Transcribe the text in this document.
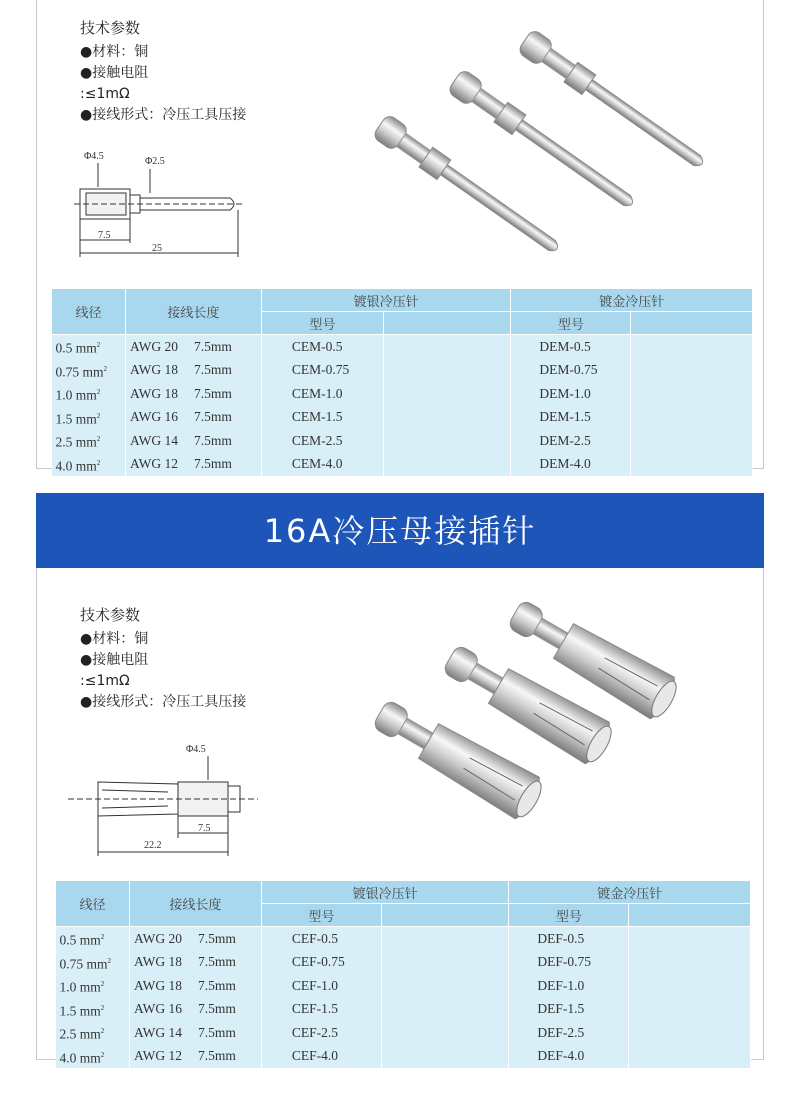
技术参数
●材料：铜
●接触电阻
:≤1mΩ
●接线形式：冷压工具压接
Φ4.5	Φ2.5
7.5
25
线径	接线长度	镀银冷压针		镀金冷压针	
		型号		型号	
0.5 $mm^2$	AWG 20 7.5mm	CEM-0.5		DEM-0.5	
0.75 $mm^2$	AWG 18 7.5mm	CEM-0.75		DEM-0.75	
1.0 $mm^2$	AWG 18 7.5mm	CEM-1.0		DEM-1.0	
1.5 $mm^2$	AWG 16 7.5mm	CEM-1.5		DEM-1.5	
2.5 $mm^2$	AWG 14 7.5mm	CEM-2.5		DEM-2.5	
4.0 $mm^2$	AWG 12 7.5mm	CEM-4.0		DEM-4.0	
16A冷压母接插针
技术参数
●材料：铜
●接触电阻
:≤1mΩ
●接线形式：冷压工具压接
Φ4.5
7.5
22.2
线径	接线长度	镀银冷压针		镀金冷压针	
		型号		型号	
0.5 $mm^2$	AWG 20 7.5mm	CEF-0.5		DEF-0.5	
0.75 $mm^2$	AWG 18 7.5mm	CEF-0.75		DEF-0.75	
1.0 $mm^2$	AWG 18 7.5mm	CEF-1.0		DEF-1.0	
1.5 $mm^2$	AWG 16 7.5mm	CEF-1.5		DEF-1.5	
2.5 $mm^2$	AWG 14 7.5mm	CEF-2.5		DEF-2.5	
4.0 $mm^2$	AWG 12 7.5mm	CEF-4.0		DEF-4.0	
